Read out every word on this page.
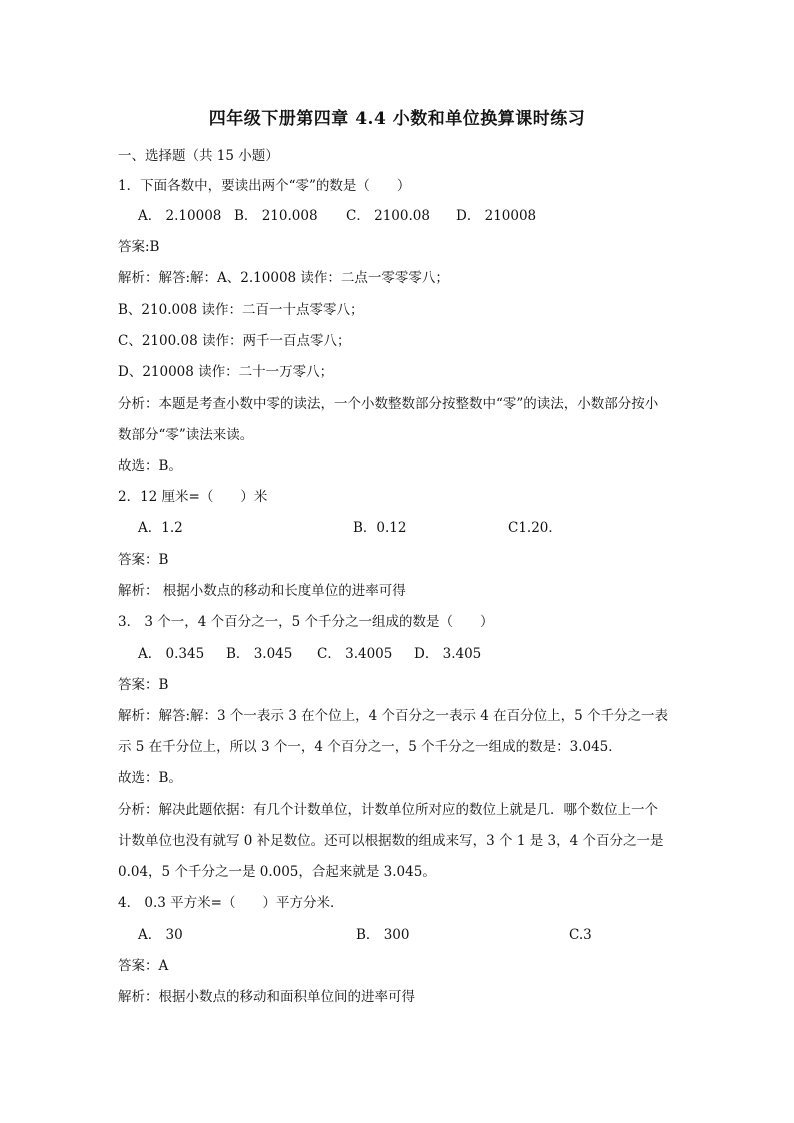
四年级下册第四章 4.4 小数和单位换算课时练习
一、选择题（共 15 小题）
1．下面各数中，要读出两个“零”的数是（　　）
A． 2.10008 B． 210.008 C． 2100.08 D． 210008
答案:B
解析：解答:解：A、2.10008 读作：二点一零零零八；
B、210.008 读作：二百一十点零零八；
C、2100.08 读作：两千一百点零八；
D、210008 读作：二十一万零八；
分析：本题是考查小数中零的读法，一个小数整数部分按整数中“零”的读法，小数部分按小
数部分“零”读法来读。
故选：B。
2．12 厘米=（　　）米
A．1.2	B．0.12	C1.20．
答案：B
解析： 根据小数点的移动和长度单位的进率可得
3． 3 个一，4 个百分之一，5 个千分之一组成的数是（　　）
A． 0.345 B． 3.045 C． 3.4005 D． 3.405
答案：B
解析：解答:解：3 个一表示 3 在个位上，4 个百分之一表示 4 在百分位上，5 个千分之一表
示 5 在千分位上，所以 3 个一，4 个百分之一，5 个千分之一组成的数是：3.045．
故选：B。
分析：解决此题依据：有几个计数单位，计数单位所对应的数位上就是几．哪个数位上一个
计数单位也没有就写 0 补足数位。还可以根据数的组成来写，3 个 1 是 3，4 个百分之一是
0.04，5 个千分之一是 0.005，合起来就是 3.045。
4． 0.3 平方米=（　　）平方分米．
A． 30	B． 300	C.3
答案：A
解析：根据小数点的移动和面积单位间的进率可得
